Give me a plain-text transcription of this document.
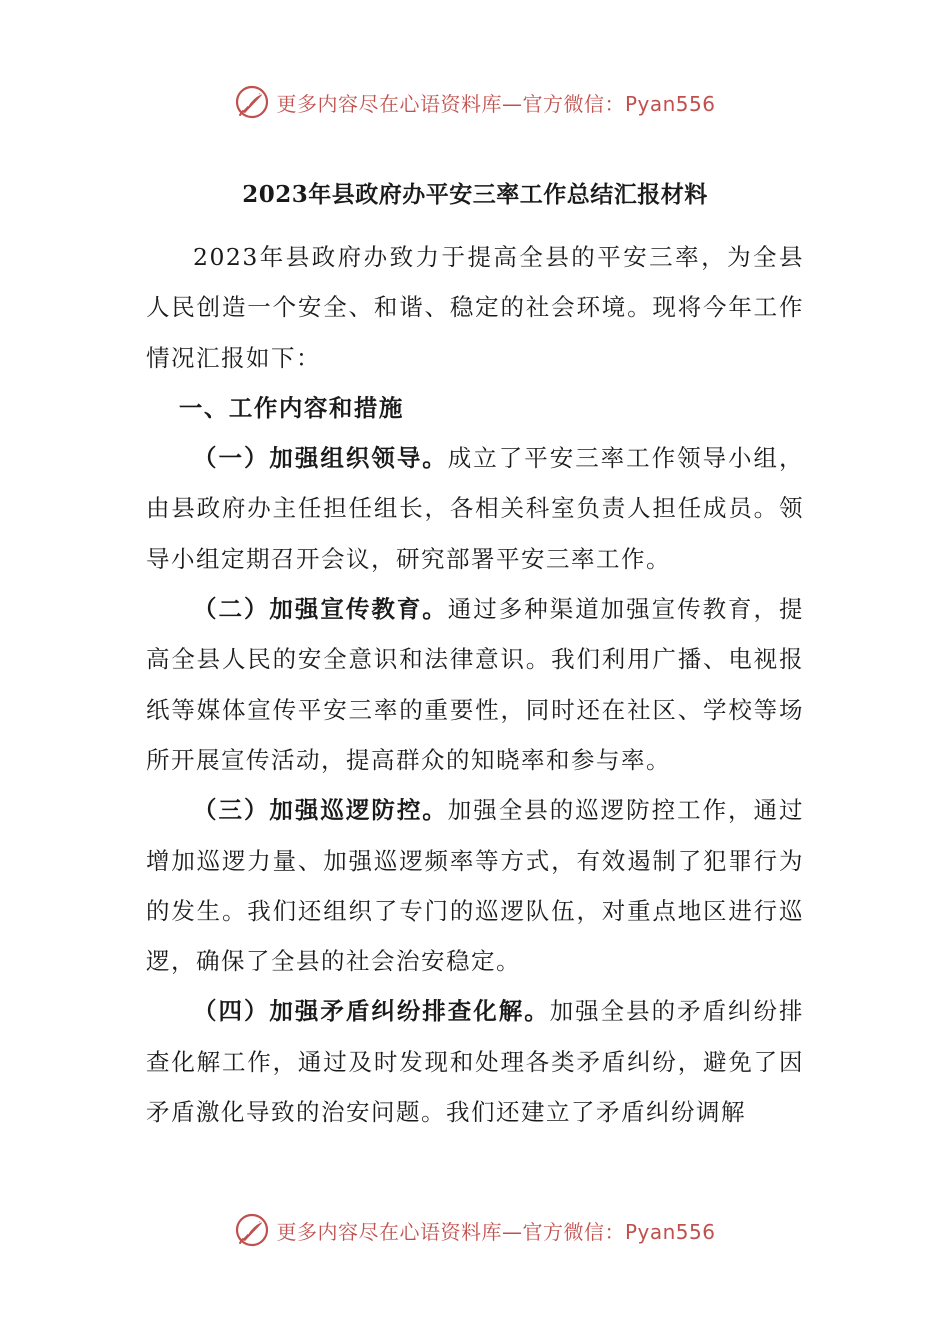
更多内容尽在心语资料库—官方微信：Pyan556
2023年县政府办平安三率工作总结汇报材料

2023年县政府办致力于提高全县的平安三率，为全县人民创造一个安全、和谐、稳定的社会环境。现将今年工作情况汇报如下：

一、工作内容和措施

（一）加强组织领导。成立了平安三率工作领导小组，由县政府办主任担任组长，各相关科室负责人担任成员。领导小组定期召开会议，研究部署平安三率工作。

（二）加强宣传教育。通过多种渠道加强宣传教育，提高全县人民的安全意识和法律意识。我们利用广播、电视报纸等媒体宣传平安三率的重要性，同时还在社区、学校等场所开展宣传活动，提高群众的知晓率和参与率。

（三）加强巡逻防控。加强全县的巡逻防控工作，通过增加巡逻力量、加强巡逻频率等方式，有效遏制了犯罪行为的发生。我们还组织了专门的巡逻队伍，对重点地区进行巡逻，确保了全县的社会治安稳定。

（四）加强矛盾纠纷排查化解。加强全县的矛盾纠纷排查化解工作，通过及时发现和处理各类矛盾纠纷，避免了因矛盾激化导致的治安问题。我们还建立了矛盾纠纷调解

更多内容尽在心语资料库—官方微信：Pyan556
